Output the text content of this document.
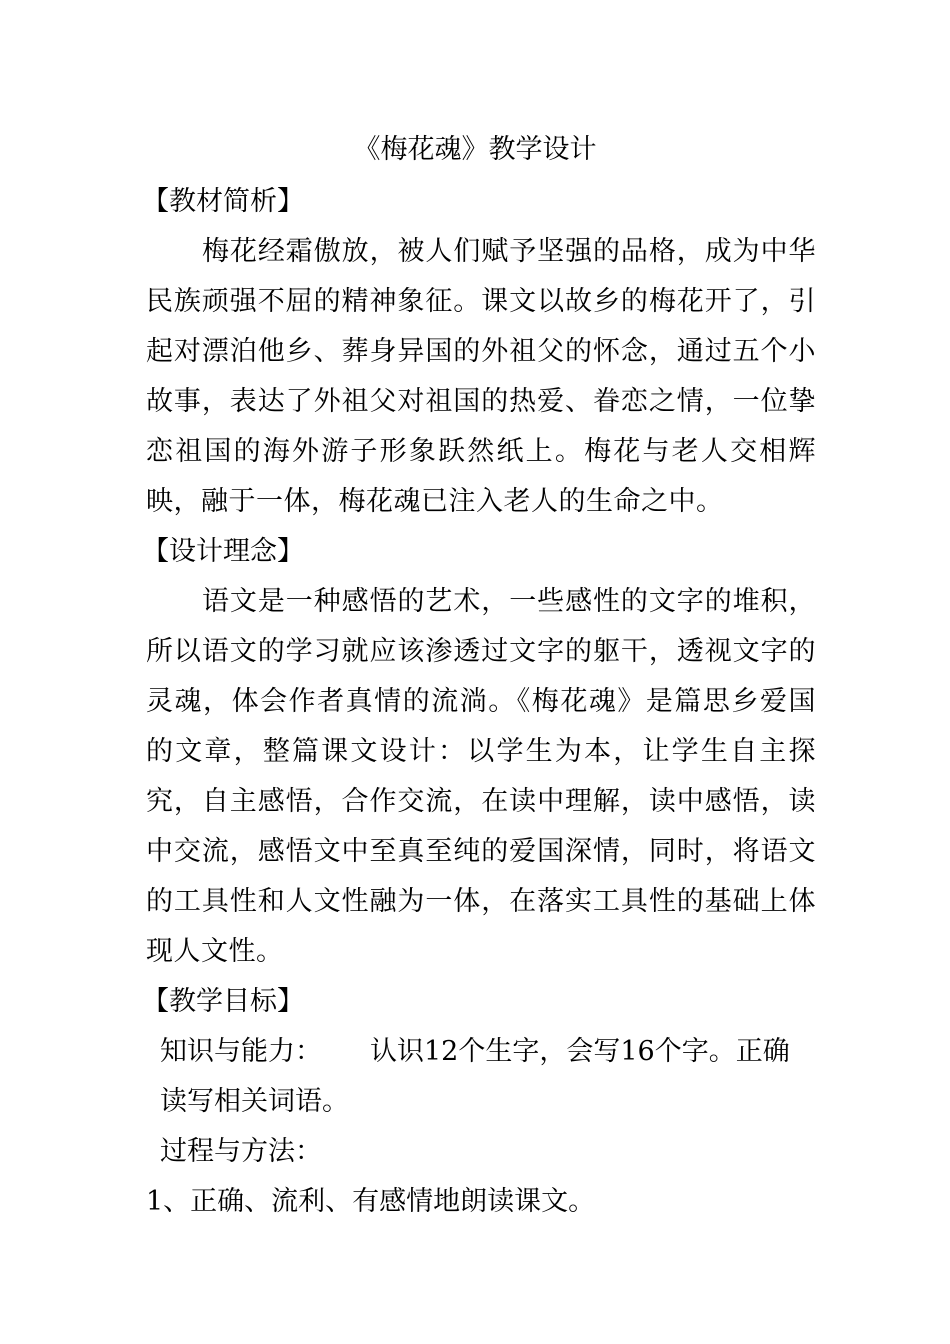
《梅花魂》教学设计
【教材简析】

梅花经霜傲放，被人们赋予坚强的品格，成为中华民族顽强不屈的精神象征。课文以故乡的梅花开了，引起对漂泊他乡、葬身异国的外祖父的怀念，通过五个小故事，表达了外祖父对祖国的热爱、眷恋之情，一位挚恋祖国的海外游子形象跃然纸上。梅花与老人交相辉映，融于一体，梅花魂已注入老人的生命之中。

【设计理念】

语文是一种感悟的艺术，一些感性的文字的堆积，所以语文的学习就应该渗透过文字的躯干，透视文字的灵魂，体会作者真情的流淌。《梅花魂》是篇思乡爱国的文章，整篇课文设计：以学生为本，让学生自主探究，自主感悟，合作交流，在读中理解，读中感悟，读中交流，感悟文中至真至纯的爱国深情，同时，将语文的工具性和人文性融为一体，在落实工具性的基础上体现人文性。

【教学目标】

知识与能力： 认识12个生字，会写16个字。正确读写相关词语。

过程与方法：

1、正确、流利、有感情地朗读课文。
